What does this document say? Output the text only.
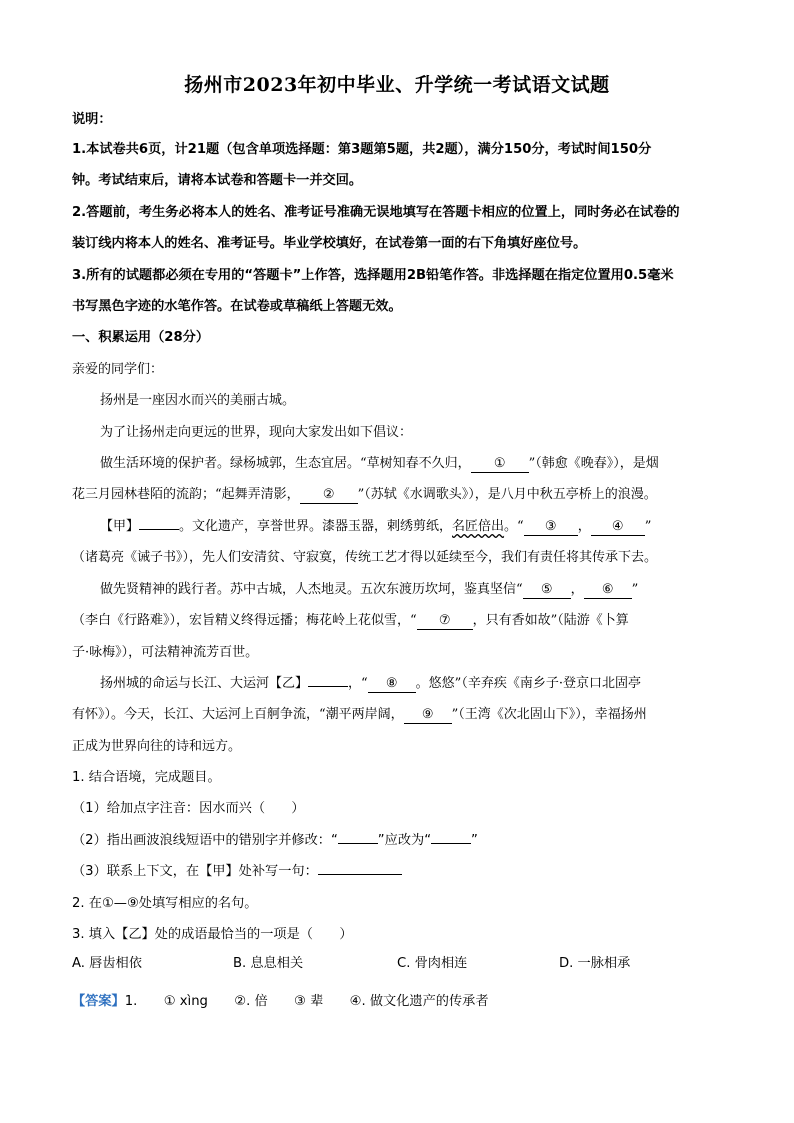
扬州市2023年初中毕业、升学统一考试语文试题
说明：
1.本试卷共6页，计21题（包含单项选择题：第3题第5题，共2题），满分150分，考试时间150分
钟。考试结束后，请将本试卷和答题卡一并交回。
2.答题前，考生务必将本人的姓名、准考证号准确无误地填写在答题卡相应的位置上，同时务必在试卷的
装订线内将本人的姓名、准考证号。毕业学校填好，在试卷第一面的右下角填好座位号。
3.所有的试题都必须在专用的“答题卡”上作答，选择题用2B铅笔作答。非选择题在指定位置用0.5毫米
书写黑色字迹的水笔作答。在试卷或草稿纸上答题无效。
一、积累运用（28分）
亲爱的同学们：
扬州是一座因水而兴的美丽古城。
为了让扬州走向更远的世界，现向大家发出如下倡议：
做生活环境的保护者。绿杨城郭，生态宜居。“草树知春不久归， ① ”（韩愈《晚春》），是烟
花三月园林巷陌的流韵；“起舞弄清影， ② ”（苏轼《水调歌头》），是八月中秋五亭桥上的浪漫。
【甲】	。文化遗产，享誉世界。漆器玉器，剌绣剪纸，名匠倍出。“ ③ ， ④ ”
（诸葛亮《诫子书》），先人们安清贫、守寂寞，传统工艺才得以延续至今，我们有责任将其传承下去。
做先贤精神的践行者。苏中古城，人杰地灵。五次东渡历坎坷，鉴真坚信“ ⑤ ， ⑥ ”
（李白《行路难》），宏旨精义终得远播；梅花岭上花似雪，“ ⑦ ，只有香如故”（陆游《卜算
子·咏梅》），可法精神流芳百世。
扬州城的命运与长江、大运河【乙】	，“ ⑧ 。悠悠”（辛弃疾《南乡子·登京口北固亭
有怀》）。今天，长江、大运河上百舸争流，“潮平两岸阔， ⑨ ”（王湾《次北固山下》），幸福扬州
正成为世界向往的诗和远方。
1. 结合语境，完成题目。
（1）给加点字注音：因水而兴（　　）
（2）指出画波浪线短语中的错别字并修改：“	”应改为“	”
（3）联系上下文，在【甲】处补写一句：
2. 在①—⑨处填写相应的名句。
3. 填入【乙】处的成语最恰当的一项是（　　）
A. 唇齿相依	B. 息息相关	C. 骨肉相连	D. 一脉相承
【答案】1.　　① xìng　　②. 倍　　③ 辈　　④. 做文化遗产的传承者
